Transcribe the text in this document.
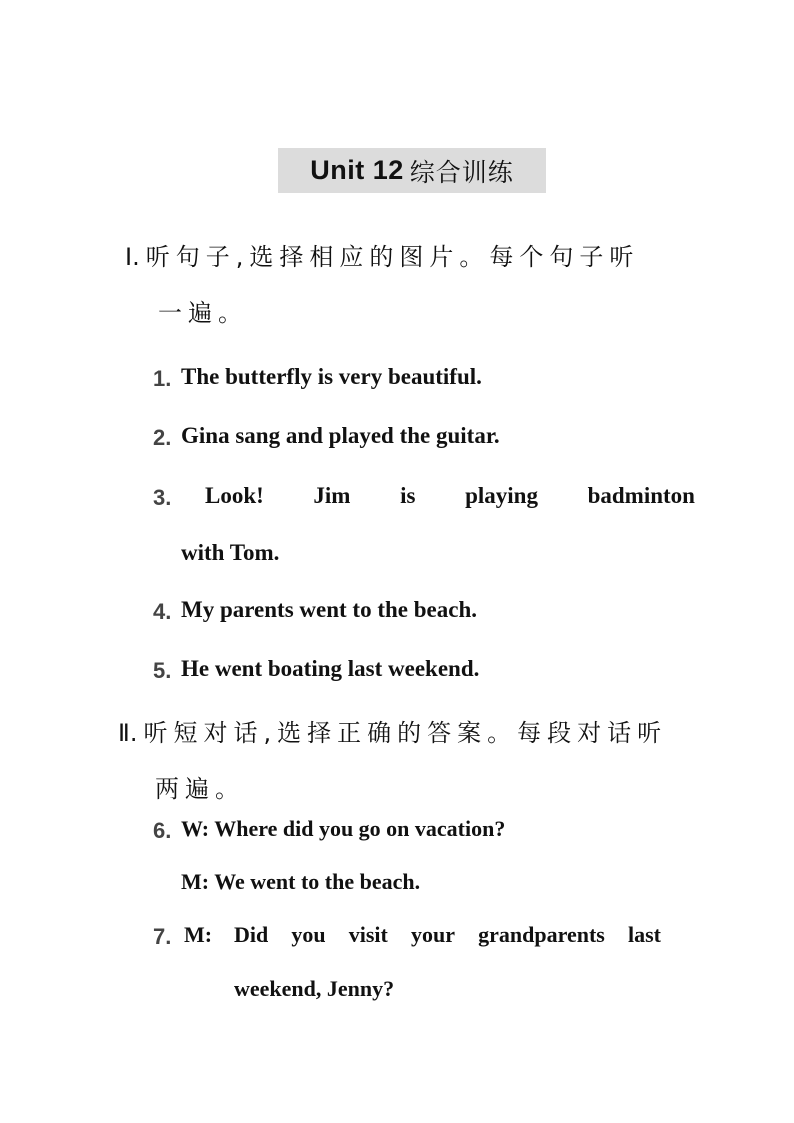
Unit 12 综合训练
Ⅰ.听句子,选择相应的图片。每个句子听
一遍。
1. The butterfly is very beautiful.
2. Gina sang and played the guitar.
3. Look! Jim is playing badminton
with Tom.
4. My parents went to the beach.
5. He went boating last weekend.
Ⅱ.听短对话,选择正确的答案。每段对话听
两遍。
6. W: Where did you go on vacation?
M: We went to the beach.
7. M: Did you visit your grandparents last
weekend, Jenny?
